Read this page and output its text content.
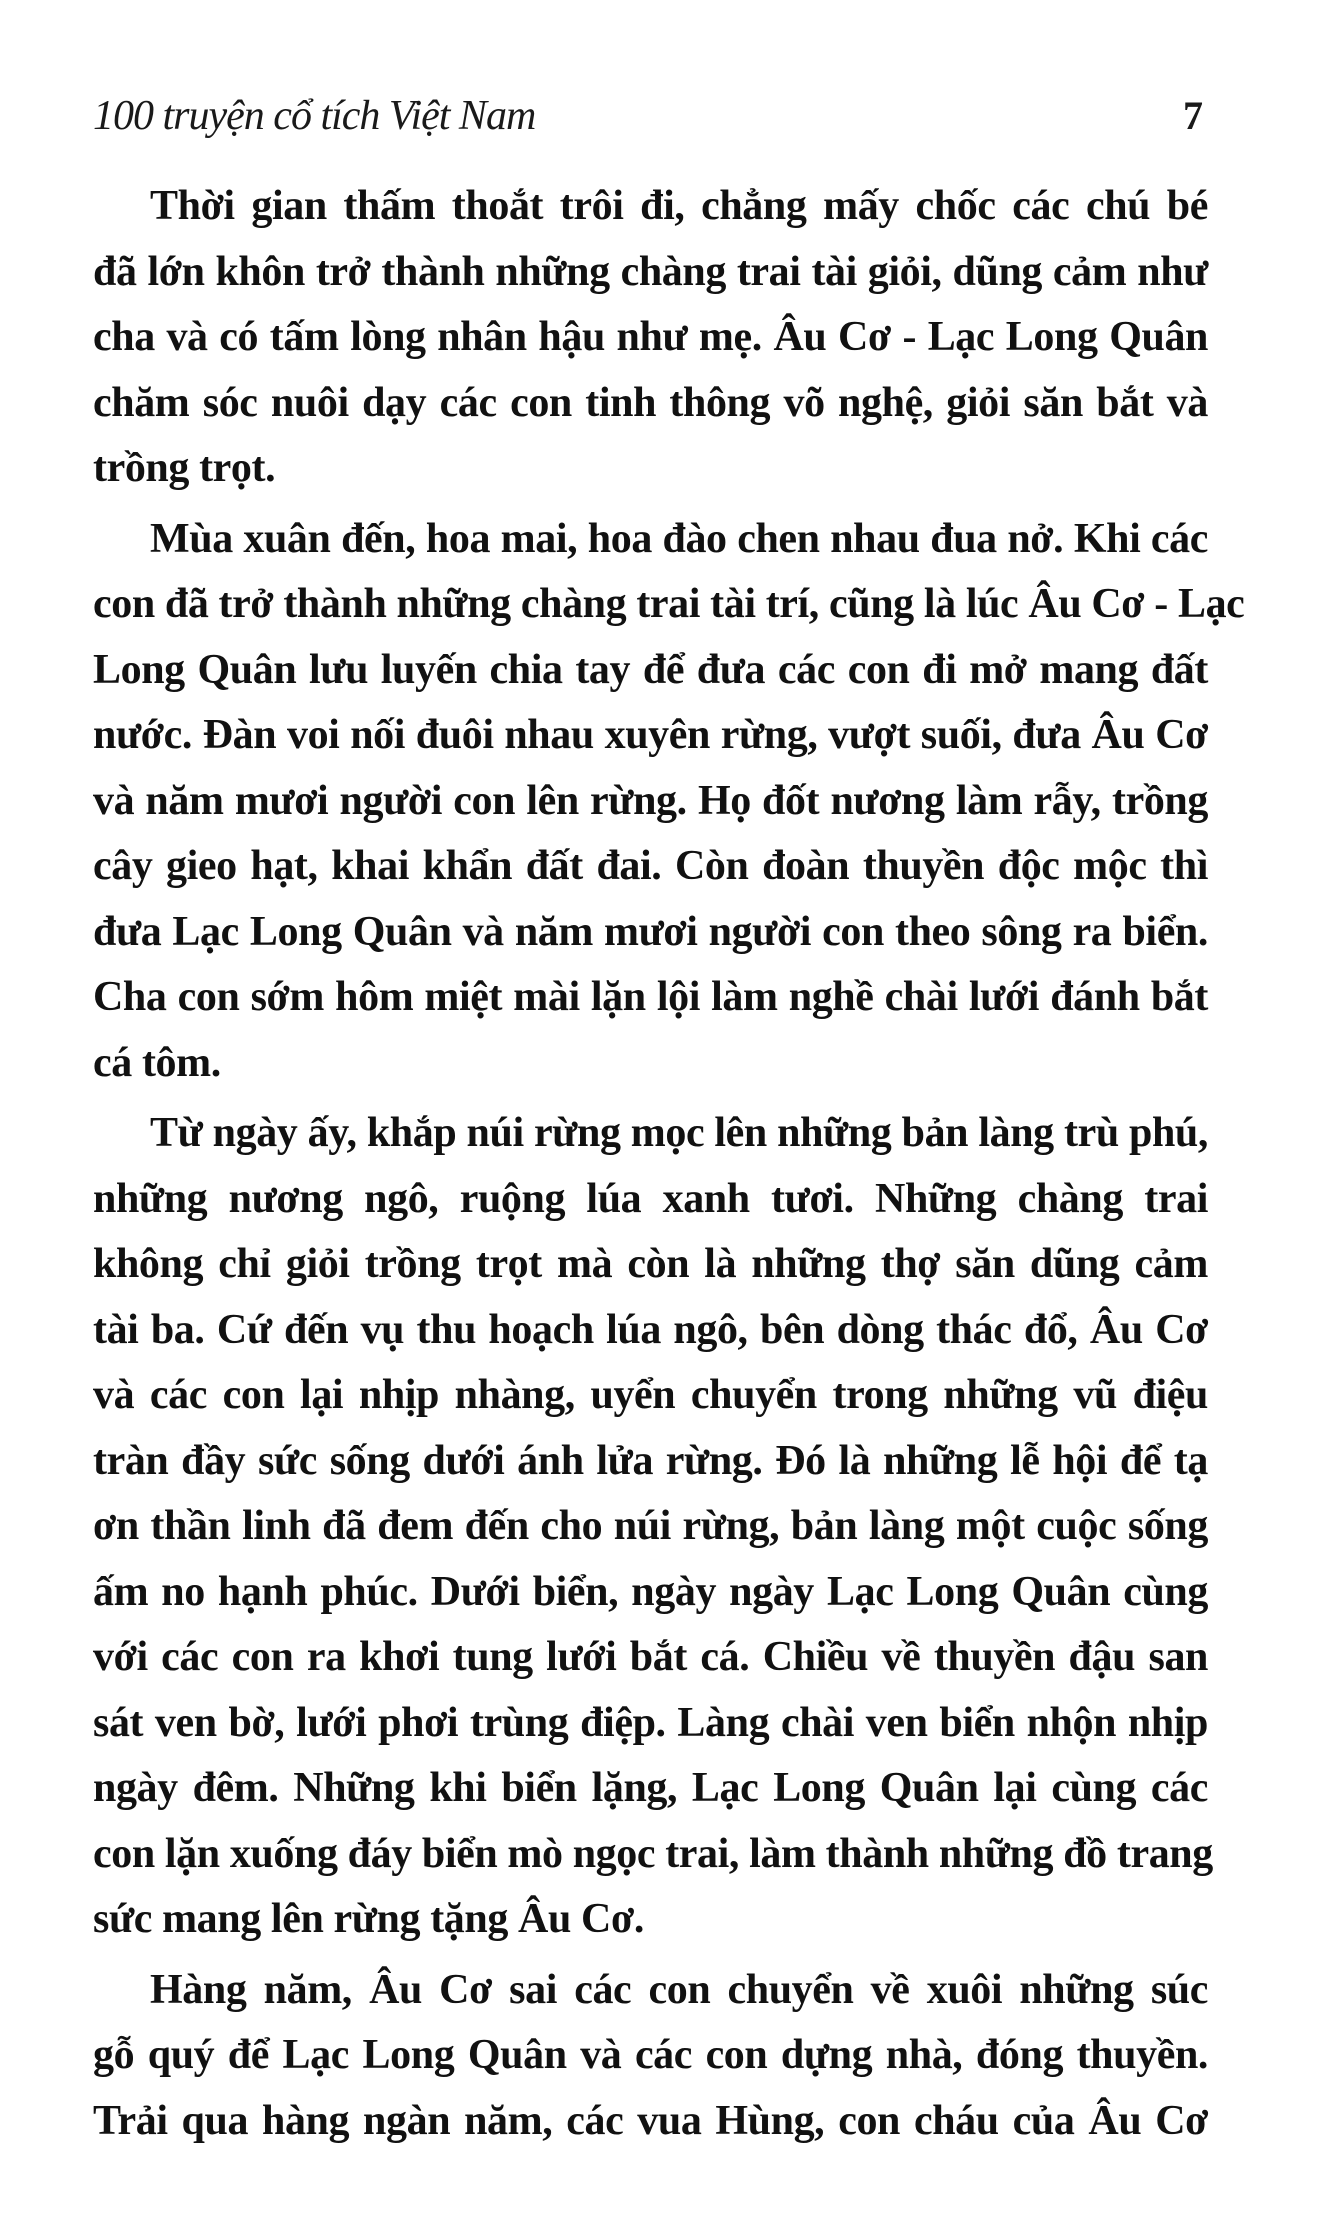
100 truyện cổ tích Việt Nam	7
Thời gian thấm thoắt trôi đi, chẳng mấy chốc các chú bé
đã lớn khôn trở thành những chàng trai tài giỏi, dũng cảm như
cha và có tấm lòng nhân hậu như mẹ. Âu Cơ - Lạc Long Quân
chăm sóc nuôi dạy các con tinh thông võ nghệ, giỏi săn bắt và
trồng trọt.
Mùa xuân đến, hoa mai, hoa đào chen nhau đua nở. Khi các
con đã trở thành những chàng trai tài trí, cũng là lúc Âu Cơ - Lạc
Long Quân lưu luyến chia tay để đưa các con đi mở mang đất
nước. Đàn voi nối đuôi nhau xuyên rừng, vượt suối, đưa Âu Cơ
và năm mươi người con lên rừng. Họ đốt nương làm rẫy, trồng
cây gieo hạt, khai khẩn đất đai. Còn đoàn thuyền độc mộc thì
đưa Lạc Long Quân và năm mươi người con theo sông ra biển.
Cha con sớm hôm miệt mài lặn lội làm nghề chài lưới đánh bắt
cá tôm.
Từ ngày ấy, khắp núi rừng mọc lên những bản làng trù phú,
những nương ngô, ruộng lúa xanh tươi. Những chàng trai
không chỉ giỏi trồng trọt mà còn là những thợ săn dũng cảm
tài ba. Cứ đến vụ thu hoạch lúa ngô, bên dòng thác đổ, Âu Cơ
và các con lại nhịp nhàng, uyển chuyển trong những vũ điệu
tràn đầy sức sống dưới ánh lửa rừng. Đó là những lễ hội để tạ
ơn thần linh đã đem đến cho núi rừng, bản làng một cuộc sống
ấm no hạnh phúc. Dưới biển, ngày ngày Lạc Long Quân cùng
với các con ra khơi tung lưới bắt cá. Chiều về thuyền đậu san
sát ven bờ, lưới phơi trùng điệp. Làng chài ven biển nhộn nhịp
ngày đêm. Những khi biển lặng, Lạc Long Quân lại cùng các
con lặn xuống đáy biển mò ngọc trai, làm thành những đồ trang
sức mang lên rừng tặng Âu Cơ.
Hàng năm, Âu Cơ sai các con chuyển về xuôi những súc
gỗ quý để Lạc Long Quân và các con dựng nhà, đóng thuyền.
Trải qua hàng ngàn năm, các vua Hùng, con cháu của Âu Cơ
